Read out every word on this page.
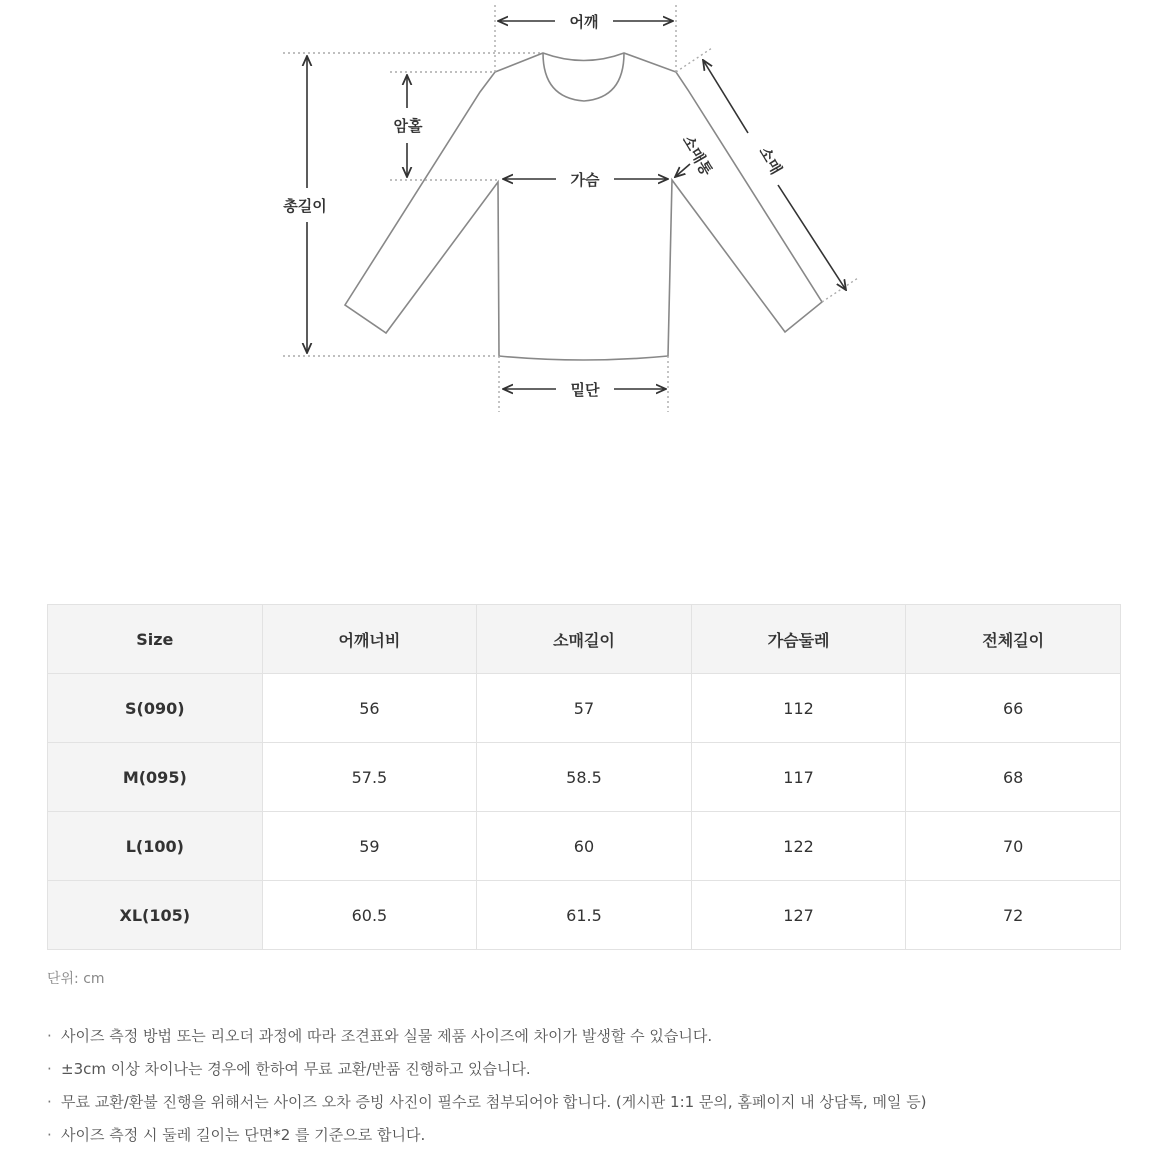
어깨
총길이
암홀
가슴
밑단
소매통	소매
Size	어깨너비	소매길이	가슴둘레	전체길이
S(090)	56	57	112	66
M(095)	57.5	58.5	117	68
L(100)	59	60	122	70
XL(105)	60.5	61.5	127	72
단위: cm
· 사이즈 측정 방법 또는 리오더 과정에 따라 조견표와 실물 제품 사이즈에 차이가 발생할 수 있습니다.
· ±3cm 이상 차이나는 경우에 한하여 무료 교환/반품 진행하고 있습니다.
· 무료 교환/환불 진행을 위해서는 사이즈 오차 증빙 사진이 필수로 첨부되어야 합니다. (게시판 1:1 문의, 홈페이지 내 상담톡, 메일 등)
· 사이즈 측정 시 둘레 길이는 단면*2 를 기준으로 합니다.
